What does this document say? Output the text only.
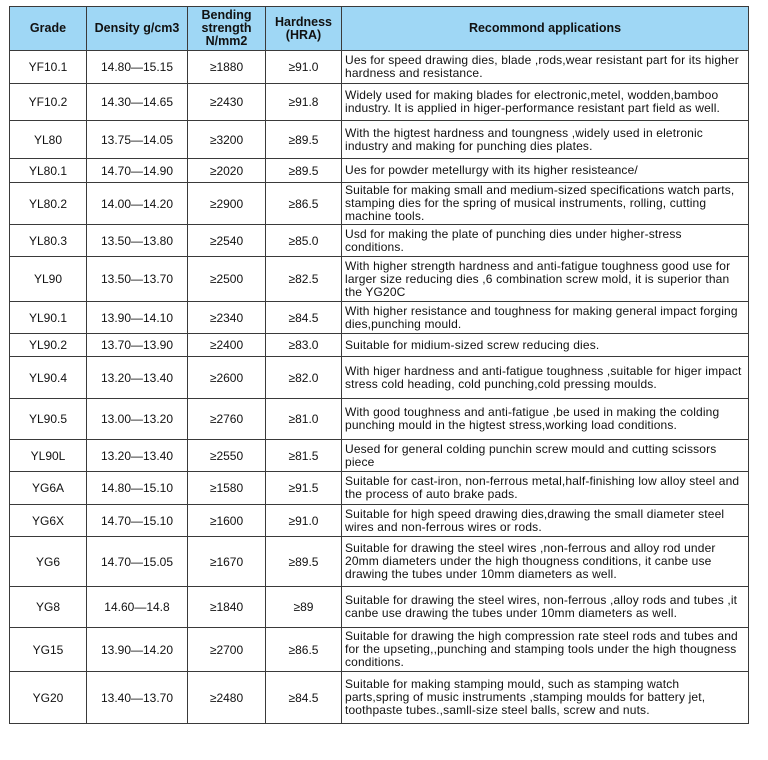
Grade	Density g/cm3	Bending strength N/mm2	Hardness (HRA)	Recommond applications
YF10.1	14.80—15.15	≥1880	≥91.0	Ues for speed drawing dies, blade ,rods,wear resistant part for its higher hardness and resistance.
YF10.2	14.30—14.65	≥2430	≥91.8	Widely used for making blades for electronic,metel, wodden,bamboo industry. It is applied in higer-performance resistant part field as well.
YL80	13.75—14.05	≥3200	≥89.5	With the higtest hardness and toungness ,widely used in eletronic industry and making for punching dies plates.
YL80.1	14.70—14.90	≥2020	≥89.5	Ues for powder metellurgy with its higher resisteance/
YL80.2	14.00—14.20	≥2900	≥86.5	Suitable for making small and medium-sized specifications watch parts, stamping dies for the spring of musical instruments, rolling, cutting machine tools.
YL80.3	13.50—13.80	≥2540	≥85.0	Usd for making the plate of punching dies under higher-stress conditions.
YL90	13.50—13.70	≥2500	≥82.5	With higher strength hardness and anti-fatigue toughness good use for larger size reducing dies ,6 combination screw mold, it is superior than the YG20C
YL90.1	13.90—14.10	≥2340	≥84.5	With higher resistance and toughness for making general impact forging dies,punching mould.
YL90.2	13.70—13.90	≥2400	≥83.0	Suitable for midium-sized screw reducing dies.
YL90.4	13.20—13.40	≥2600	≥82.0	With higer hardness and anti-fatigue toughness ,suitable for higer impact stress cold heading, cold punching,cold pressing moulds.
YL90.5	13.00—13.20	≥2760	≥81.0	With good toughness and anti-fatigue ,be used in making the colding punching mould in the higtest stress,working load conditions.
YL90L	13.20—13.40	≥2550	≥81.5	Uesed for general colding punchin screw mould and cutting scissors piece
YG6A	14.80—15.10	≥1580	≥91.5	Suitable for cast-iron, non-ferrous metal,half-finishing low alloy steel and the process of auto brake pads.
YG6X	14.70—15.10	≥1600	≥91.0	Suitable for high speed drawing dies,drawing the small diameter steel wires and non-ferrous wires or rods.
YG6	14.70—15.05	≥1670	≥89.5	Suitable for drawing the steel wires ,non-ferrous and alloy rod under 20mm diameters under the high thougness conditions, it canbe use drawing the tubes under 10mm diameters as well.
YG8	14.60—14.8	≥1840	≥89	Suitable for drawing the steel wires, non-ferrous ,alloy rods and tubes ,it canbe use drawing the tubes under 10mm diameters as well.
YG15	13.90—14.20	≥2700	≥86.5	Suitable for drawing the high compression rate steel rods and tubes and for the upseting,,punching and stamping tools under the high thougness conditions.
YG20	13.40—13.70	≥2480	≥84.5	Suitable for making stamping mould, such as stamping watch parts,spring of music instruments ,stamping moulds for battery jet, toothpaste tubes.,samll-size steel balls, screw and nuts.
